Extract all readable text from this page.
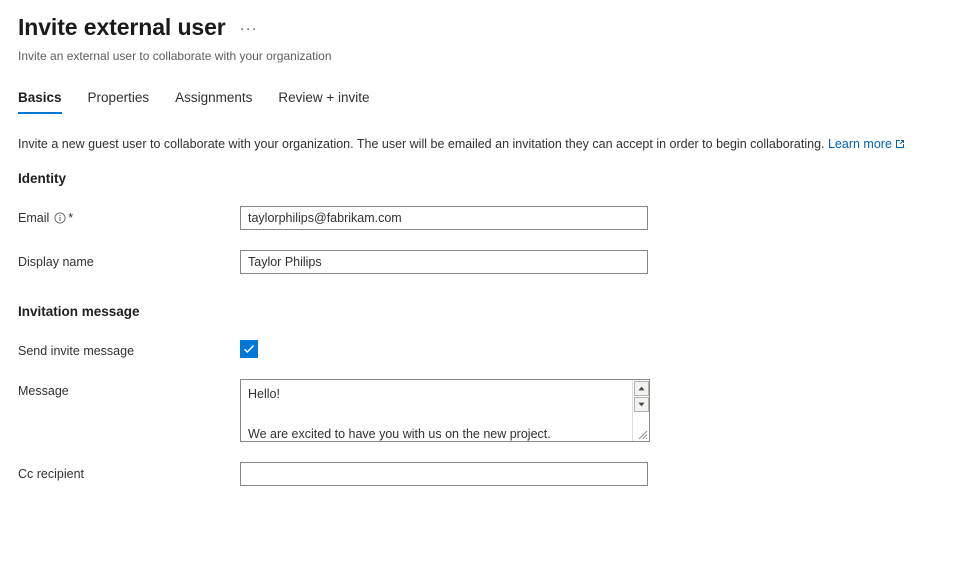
Invite external user ···
Invite an external user to collaborate with your organization
Basics Properties Assignments Review + invite
Invite a new guest user to collaborate with your organization. The user will be emailed an invitation they can accept in order to begin collaborating. Learn more
Identity
Email *
taylorphilips@fabrikam.com
Display name
Taylor Philips
Invitation message
Send invite message
Message
Hello! We are excited to have you with us on the new project.
Cc recipient
